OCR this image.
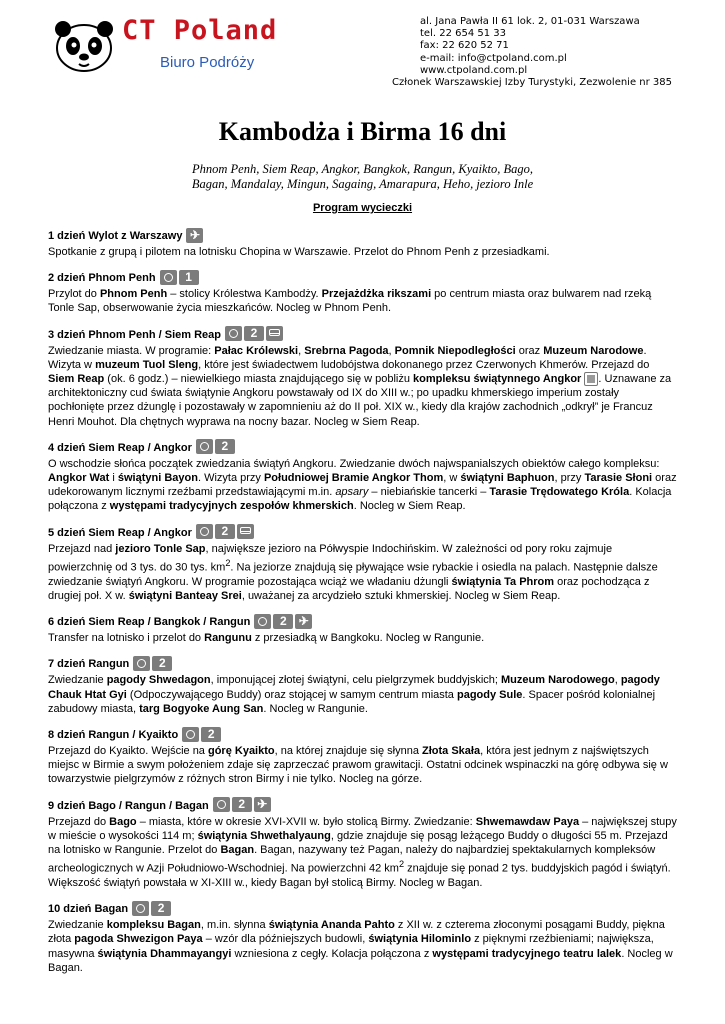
CT Poland
Biuro Podróży
al. Jana Pawła II 61 lok. 2, 01-031 Warszawa
tel. 22 654 51 33
fax: 22 620 52 71
e-mail: info@ctpoland.com.pl
www.ctpoland.com.pl
Członek Warszawskiej Izby Turystyki, Zezwolenie nr 385
Kambodża i Birma 16 dni
Phnom Penh, Siem Reap, Angkor, Bangkok, Rangun, Kyaikto, Bago,
Bagan, Mandalay, Mingun, Sagaing, Amarapura, Heho, jezioro Inle
Program wycieczki
1 dzień Wylot z Warszawy
✈

Spotkanie z grupą i pilotem na lotnisku Chopina w Warszawie. Przelot do Phnom Penh z przesiadkami.

2 dzień Phnom Penh	1

Przylot do Phnom Penh – stolicy Królestwa Kambodży. Przejażdżka rikszami po centrum miasta oraz bulwarem nad rzeką Tonle Sap, obserwowanie życia mieszkańców. Nocleg w Phnom Penh.

3 dzień Phnom Penh / Siem Reap	2

Zwiedzanie miasta. W programie: Pałac Królewski, Srebrna Pagoda, Pomnik Niepodległości oraz Muzeum Narodowe. Wizyta w muzeum Tuol Sleng, które jest świadectwem ludobójstwa dokonanego przez Czerwonych Khmerów. Przejazd do Siem Reap (ok. 6 godz.) – niewielkiego miasta znajdującego się w pobliżu kompleksu świątynnego Angkor . Uznawane za architektoniczny cud świata świątynie Angkoru powstawały od IX do XIII w.; po upadku khmerskiego imperium zostały pochłonięte przez dżunglę i pozostawały w zapomnieniu aż do II poł. XIX w., kiedy dla krajów zachodnich „odkrył” je Francuz Henri Mouhot. Dla chętnych wyprawa na nocny bazar. Nocleg w Siem Reap.

4 dzień Siem Reap / Angkor	2

O wschodzie słońca początek zwiedzania świątyń Angkoru. Zwiedzanie dwóch najwspanialszych obiektów całego kompleksu: Angkor Wat i świątyni Bayon. Wizyta przy Południowej Bramie Angkor Thom, w świątyni Baphuon, przy Tarasie Słoni oraz udekorowanym licznymi rzeźbami przedstawiającymi m.in. apsary – niebiańskie tancerki – Tarasie Trędowatego Króla. Kolacja połączona z występami tradycyjnych zespołów khmerskich. Nocleg w Siem Reap.

5 dzień Siem Reap / Angkor	2

Przejazd nad jezioro Tonle Sap, największe jezioro na Półwyspie Indochińskim. W zależności od pory roku zajmuje powierzchnię od 3 tys. do 30 tys. $km^2$. Na jeziorze znajdują się pływające wsie rybackie i osiedla na palach. Następnie dalsze zwiedzanie świątyń Angkoru. W programie pozostająca wciąż we władaniu dżungli świątynia Ta Phrom oraz pochodząca z drugiej poł. X w. świątyni Banteay Srei, uważanej za arcydzieło sztuki khmerskiej. Nocleg w Siem Reap.

6 dzień Siem Reap / Bangkok / Rangun	2
✈

Transfer na lotnisko i przelot do Rangunu z przesiadką w Bangkoku. Nocleg w Rangunie.

7 dzień Rangun	2

Zwiedzanie pagody Shwedagon, imponującej złotej świątyni, celu pielgrzymek buddyjskich; Muzeum Narodowego, pagody Chauk Htat Gyi (Odpoczywającego Buddy) oraz stojącej w samym centrum miasta pagody Sule. Spacer pośród kolonialnej zabudowy miasta, targ Bogyoke Aung San. Nocleg w Rangunie.

8 dzień Rangun / Kyaikto	2

Przejazd do Kyaikto. Wejście na górę Kyaikto, na której znajduje się słynna Złota Skała, która jest jednym z najświętszych miejsc w Birmie a swym położeniem zdaje się zaprzeczać prawom grawitacji. Ostatni odcinek wspinaczki na górę odbywa się w towarzystwie pielgrzymów z różnych stron Birmy i nie tylko. Nocleg na górze.

9 dzień Bago / Rangun / Bagan	2
✈

Przejazd do Bago – miasta, które w okresie XVI-XVII w. było stolicą Birmy. Zwiedzanie: Shwemawdaw Paya – największej stupy w mieście o wysokości 114 m; świątynia Shwethalyaung, gdzie znajduje się posąg leżącego Buddy o długości 55 m. Przejazd na lotnisko w Rangunie. Przelot do Bagan. Bagan, nazywany też Pagan, należy do najbardziej spektakularnych kompleksów archeologicznych w Azji Południowo-Wschodniej. Na powierzchni 42 $km^2$ znajduje się ponad 2 tys. buddyjskich pagód i świątyń. Większość świątyń powstała w XI-XIII w., kiedy Bagan był stolicą Birmy. Nocleg w Bagan.

10 dzień Bagan	2

Zwiedzanie kompleksu Bagan, m.in. słynna świątynia Ananda Pahto z XII w. z czterema złoconymi posągami Buddy, piękna złota pagoda Shwezigon Paya – wzór dla późniejszych budowli, świątynia Hilominlo z pięknymi rzeźbieniami; największa, masywna świątynia Dhammayangyi wzniesiona z cegły. Kolacja połączona z występami tradycyjnego teatru lalek. Nocleg w Bagan.
